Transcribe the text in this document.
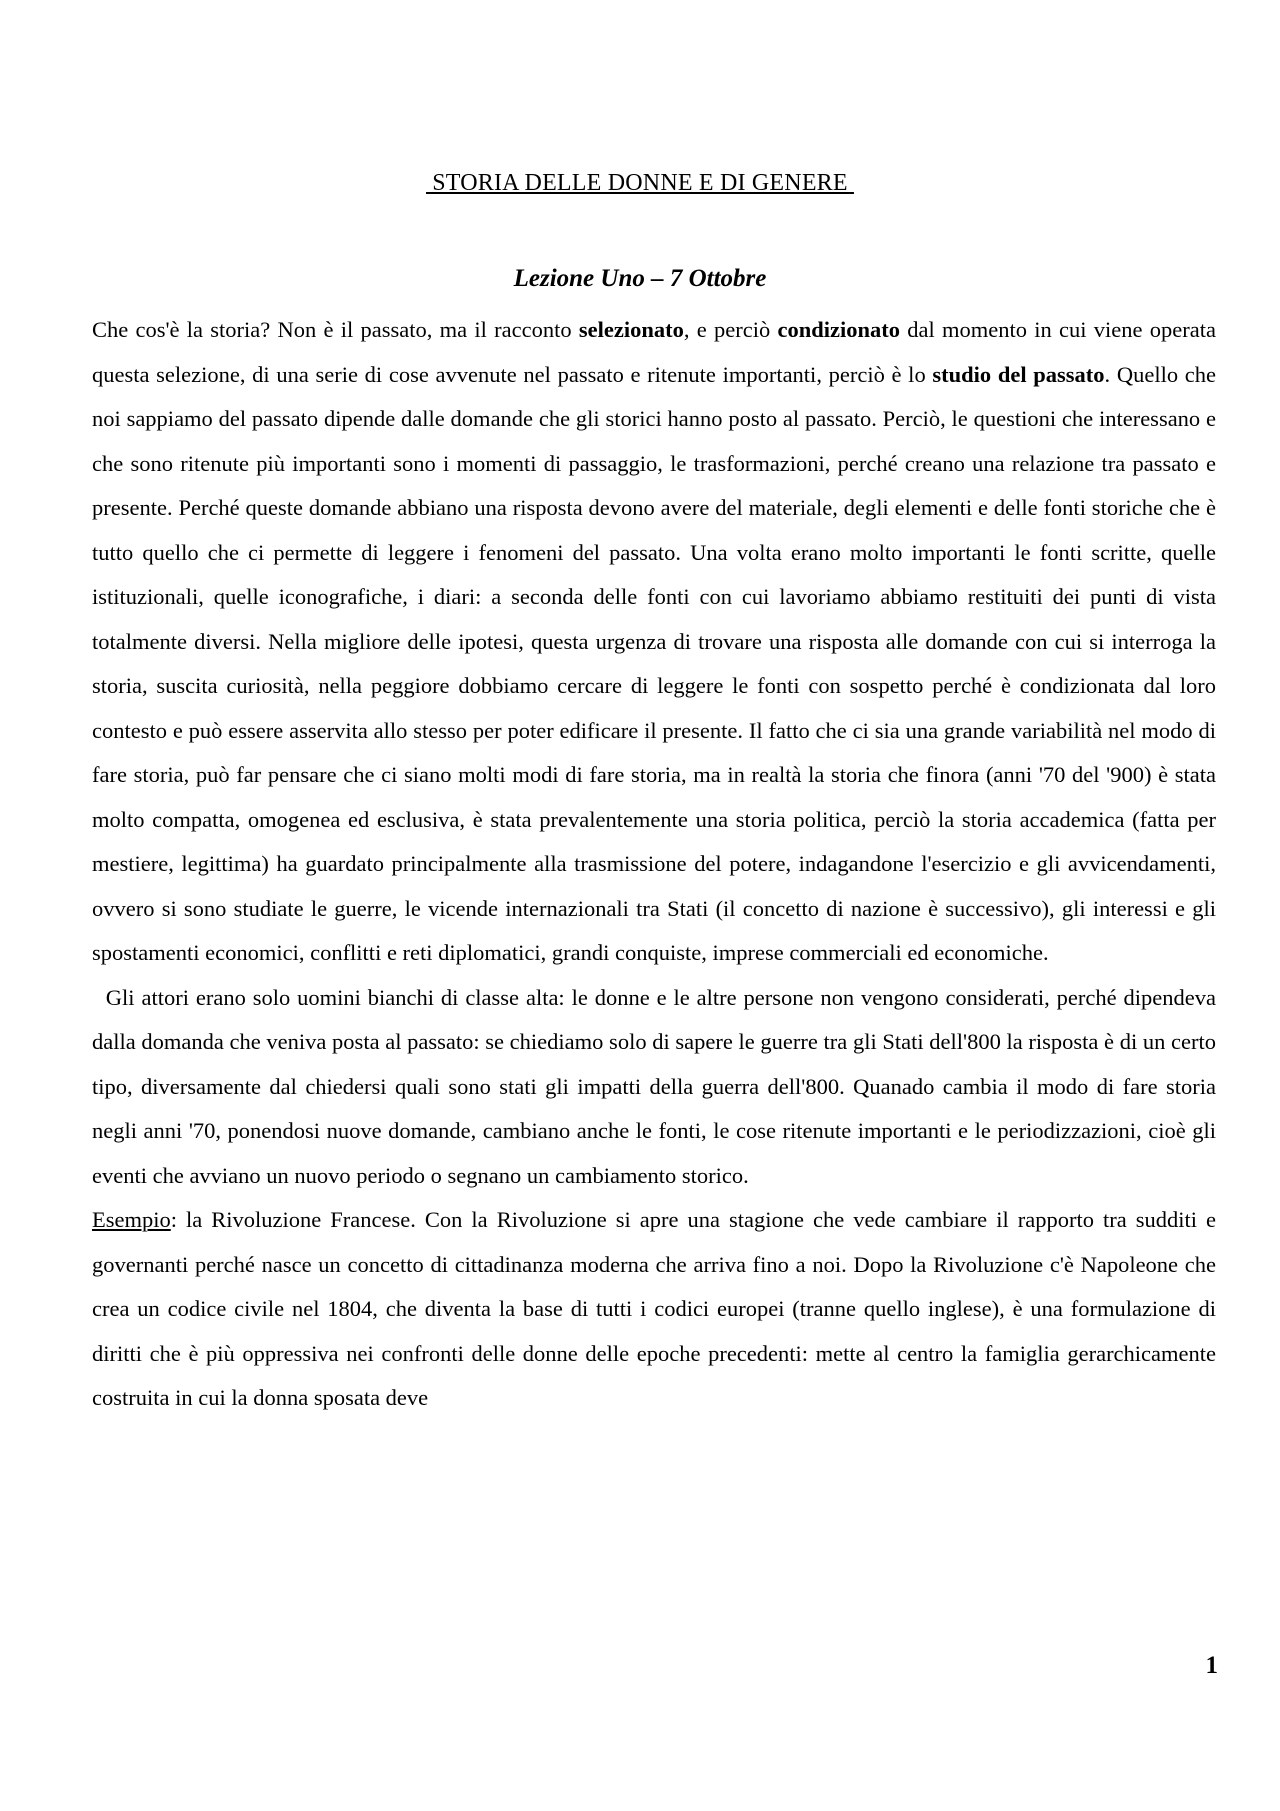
STORIA DELLE DONNE E DI GENERE
Lezione Uno – 7 Ottobre

Che cos'è la storia? Non è il passato, ma il racconto selezionato, e perciò condizionato dal momento in cui viene operata questa selezione, di una serie di cose avvenute nel passato e ritenute importanti, perciò è lo studio del passato. Quello che noi sappiamo del passato dipende dalle domande che gli storici hanno posto al passato. Perciò, le questioni che interessano e che sono ritenute più importanti sono i momenti di passaggio, le trasformazioni, perché creano una relazione tra passato e presente. Perché queste domande abbiano una risposta devono avere del materiale, degli elementi e delle fonti storiche che è tutto quello che ci permette di leggere i fenomeni del passato. Una volta erano molto importanti le fonti scritte, quelle istituzionali, quelle iconografiche, i diari: a seconda delle fonti con cui lavoriamo abbiamo restituiti dei punti di vista totalmente diversi. Nella migliore delle ipotesi, questa urgenza di trovare una risposta alle domande con cui si interroga la storia, suscita curiosità, nella peggiore dobbiamo cercare di leggere le fonti con sospetto perché è condizionata dal loro contesto e può essere asservita allo stesso per poter edificare il presente. Il fatto che ci sia una grande variabilità nel modo di fare storia, può far pensare che ci siano molti modi di fare storia, ma in realtà la storia che finora (anni '70 del '900) è stata molto compatta, omogenea ed esclusiva, è stata prevalentemente una storia politica, perciò la storia accademica (fatta per mestiere, legittima) ha guardato principalmente alla trasmissione del potere, indagandone l'esercizio e gli avvicendamenti, ovvero si sono studiate le guerre, le vicende internazionali tra Stati (il concetto di nazione è successivo), gli interessi e gli spostamenti economici, conflitti e reti diplomatici, grandi conquiste, imprese commerciali ed economiche.

Gli attori erano solo uomini bianchi di classe alta: le donne e le altre persone non vengono considerati, perché dipendeva dalla domanda che veniva posta al passato: se chiediamo solo di sapere le guerre tra gli Stati dell'800 la risposta è di un certo tipo, diversamente dal chiedersi quali sono stati gli impatti della guerra dell'800. Quanado cambia il modo di fare storia negli anni '70, ponendosi nuove domande, cambiano anche le fonti, le cose ritenute importanti e le periodizzazioni, cioè gli eventi che avviano un nuovo periodo o segnano un cambiamento storico.

Esempio: la Rivoluzione Francese. Con la Rivoluzione si apre una stagione che vede cambiare il rapporto tra sudditi e governanti perché nasce un concetto di cittadinanza moderna che arriva fino a noi. Dopo la Rivoluzione c'è Napoleone che crea un codice civile nel 1804, che diventa la base di tutti i codici europei (tranne quello inglese), è una formulazione di diritti che è più oppressiva nei confronti delle donne delle epoche precedenti: mette al centro la famiglia gerarchicamente costruita in cui la donna sposata deve

1
